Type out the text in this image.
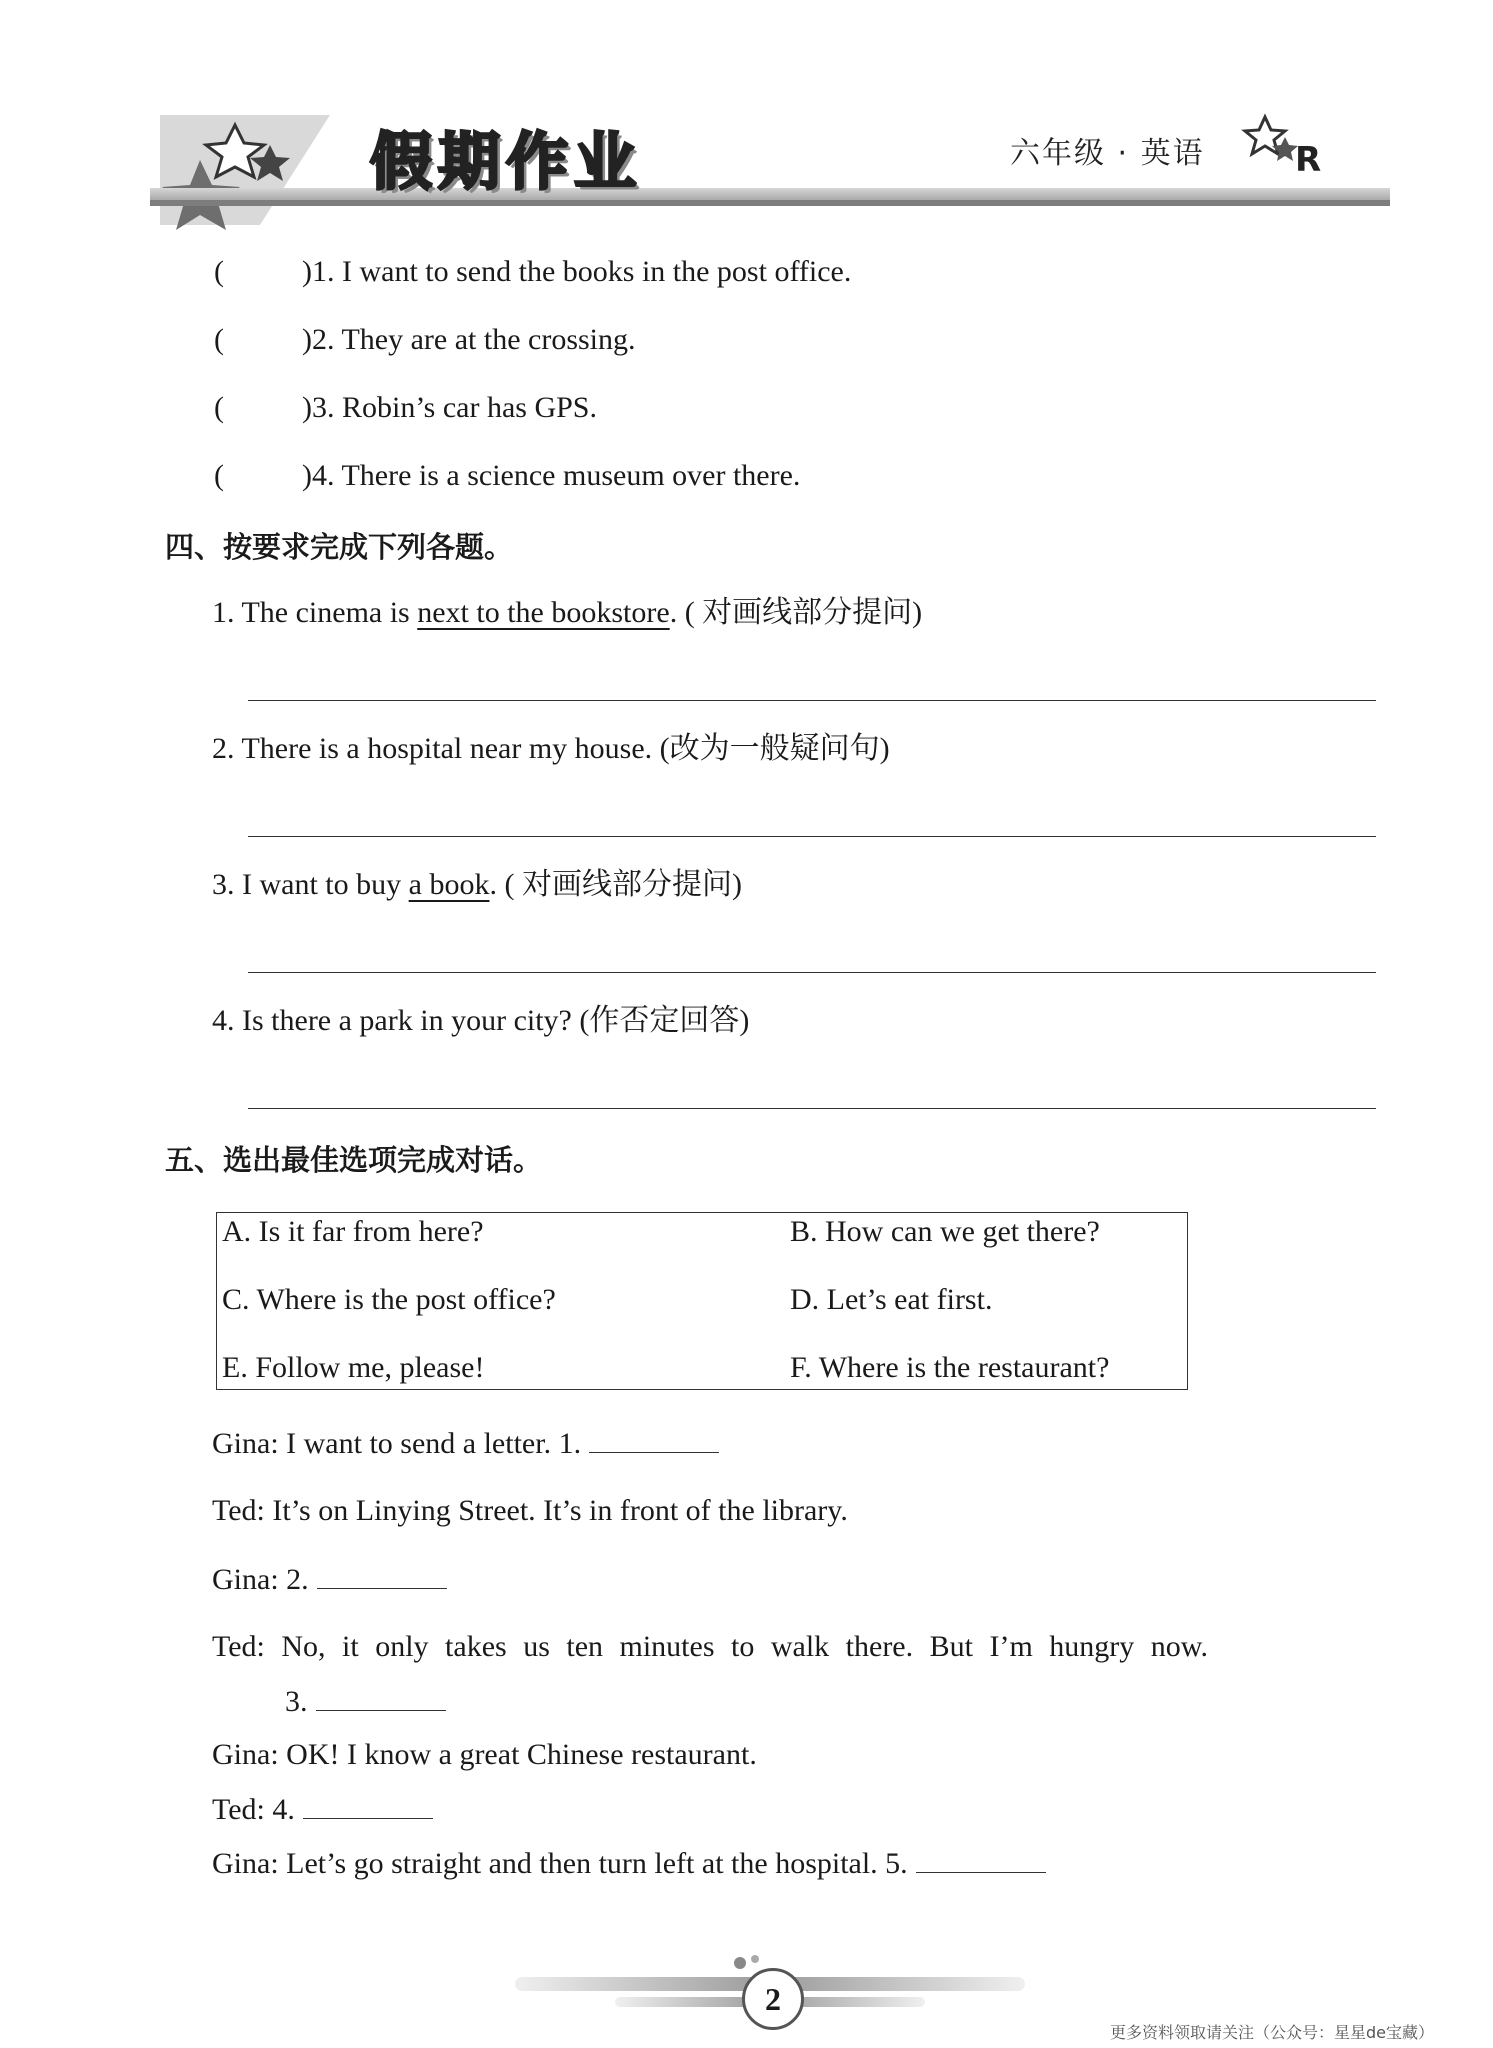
假期作业	六年级 · 英语	R
(	)1. I want to send the books in the post office.
(	)2. They are at the crossing.
(	)3. Robin’s car has GPS.
(	)4. There is a science museum over there.
四、按要求完成下列各题。
1. The cinema is next to the bookstore. ( 对画线部分提问)
2. There is a hospital near my house. (改为一般疑问句)
3. I want to buy a book. ( 对画线部分提问)
4. Is there a park in your city? (作否定回答)
五、选出最佳选项完成对话。
A. Is it far from here?	B. How can we get there?
C. Where is the post office?	D. Let’s eat first.
E. Follow me, please!	F. Where is the restaurant?
Gina: I want to send a letter. 1.
Ted: It’s on Linying Street. It’s in front of the library.
Gina: 2.
Ted: No, it only takes us ten minutes to walk there. But I’m hungry now.
3.
Gina: OK! I know a great Chinese restaurant.
Ted: 4.
Gina: Let’s go straight and then turn left at the hospital. 5.
2
更多资料领取请关注（公众号：星星de宝藏）
